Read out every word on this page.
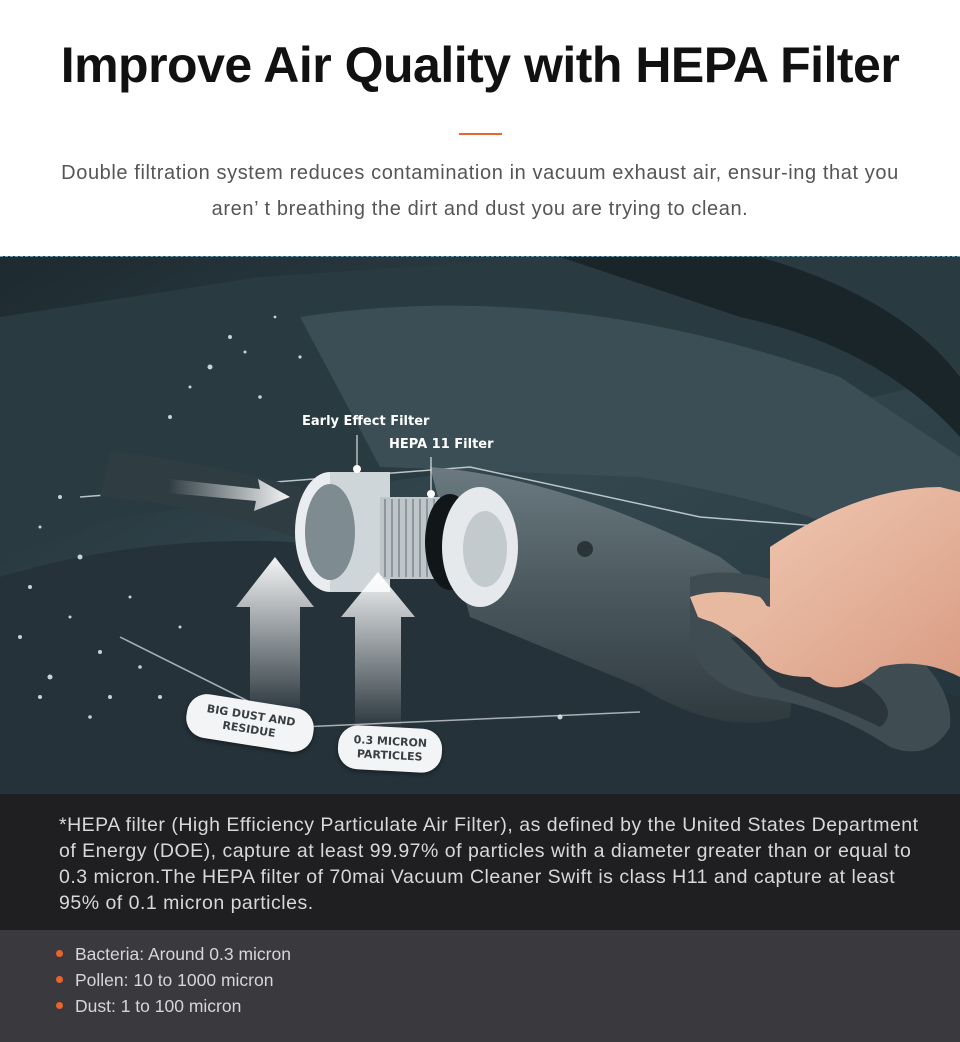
Improve Air Quality with HEPA Filter
Double filtration system reduces contamination in vacuum exhaust air, ensur-ing that you aren’ t breathing the dirt and dust you are trying to clean.
Early Effect Filter
HEPA 11 Filter
BIG DUST AND RESIDUE
0.3 MICRON PARTICLES
*HEPA filter (High Efficiency Particulate Air Filter), as defined by the United States Department of Energy (DOE), capture at least 99.97% of particles with a diameter greater than or equal to 0.3 micron.The HEPA filter of 70mai Vacuum Cleaner Swift is class H11 and capture at least 95% of 0.1 micron particles.
Bacteria: Around 0.3 micron
Pollen: 10 to 1000 micron
Dust: 1 to 100 micron
